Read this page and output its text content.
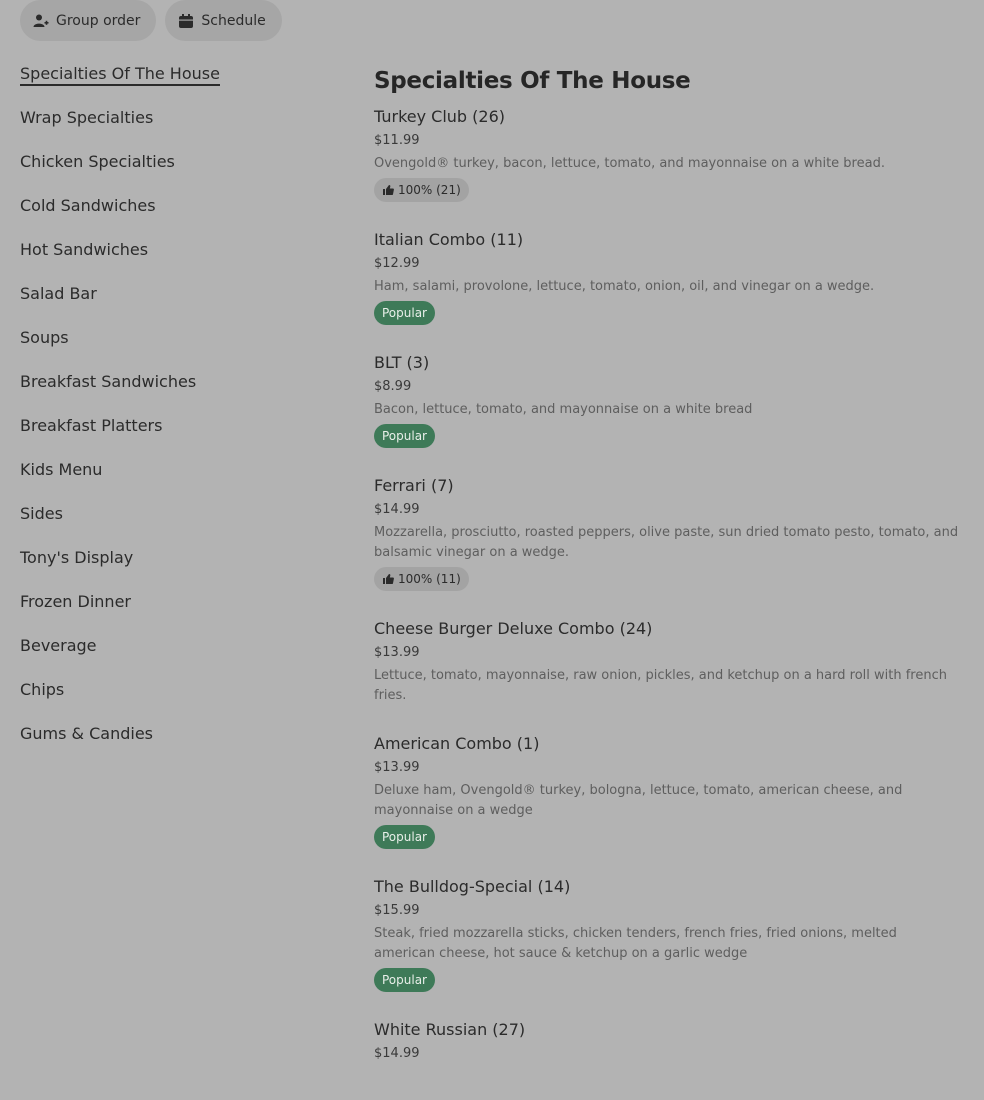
Group order	Schedule
Specialties Of The House
Wrap Specialties
Chicken Specialties
Cold Sandwiches
Hot Sandwiches
Salad Bar
Soups
Breakfast Sandwiches
Breakfast Platters
Kids Menu
Sides
Tony's Display
Frozen Dinner
Beverage
Chips
Gums & Candies
Specialties Of The House
Turkey Club (26)
$11.99
Ovengold® turkey, bacon, lettuce, tomato, and mayonnaise on a white bread.
100% (21)
Italian Combo (11)
$12.99
Ham, salami, provolone, lettuce, tomato, onion, oil, and vinegar on a wedge.
Popular
BLT (3)
$8.99
Bacon, lettuce, tomato, and mayonnaise on a white bread
Popular
Ferrari (7)
$14.99
Mozzarella, prosciutto, roasted peppers, olive paste, sun dried tomato pesto, tomato, and balsamic vinegar on a wedge.
100% (11)
Cheese Burger Deluxe Combo (24)
$13.99
Lettuce, tomato, mayonnaise, raw onion, pickles, and ketchup on a hard roll with french fries.
American Combo (1)
$13.99
Deluxe ham, Ovengold® turkey, bologna, lettuce, tomato, american cheese, and mayonnaise on a wedge
Popular
The Bulldog-Special (14)
$15.99
Steak, fried mozzarella sticks, chicken tenders, french fries, fried onions, melted american cheese, hot sauce & ketchup on a garlic wedge
Popular
White Russian (27)
$14.99
